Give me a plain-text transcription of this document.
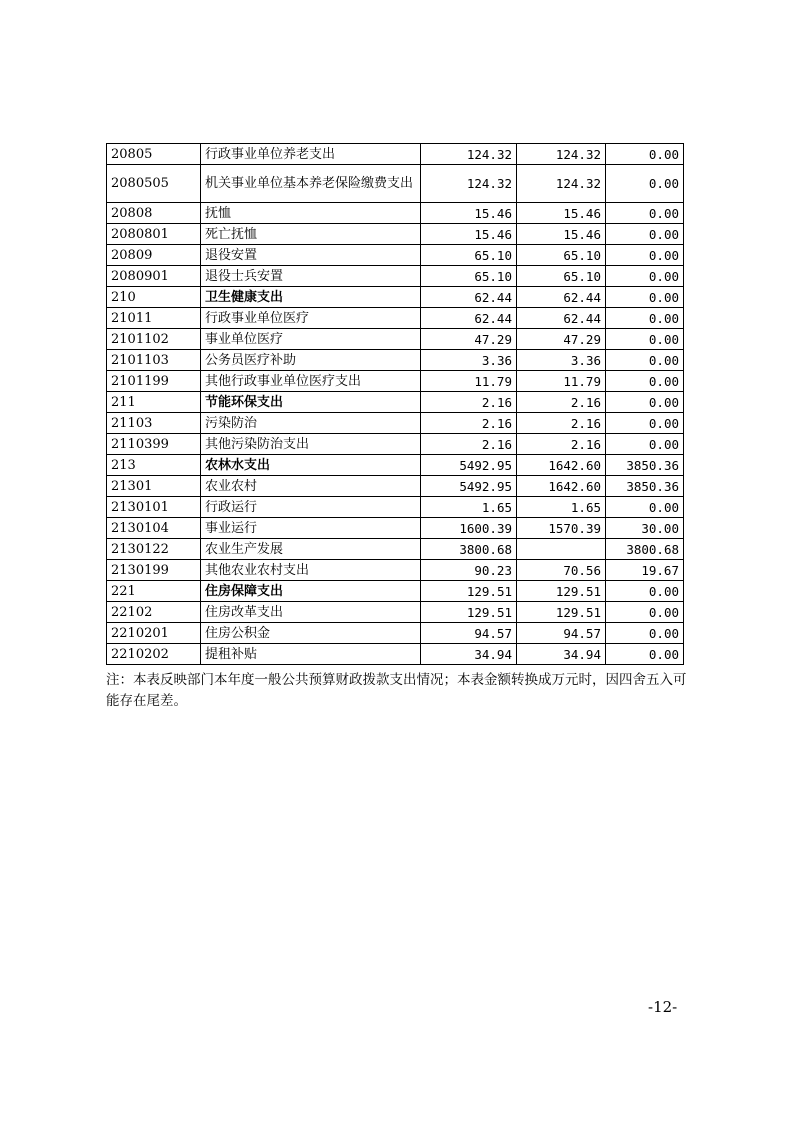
20805	行政事业单位养老支出	124.32	124.32	0.00
2080505	机关事业单位基本养老保险缴费支出	124.32	124.32	0.00
20808	抚恤	15.46	15.46	0.00
2080801	死亡抚恤	15.46	15.46	0.00
20809	退役安置	65.10	65.10	0.00
2080901	退役士兵安置	65.10	65.10	0.00
210	卫生健康支出	62.44	62.44	0.00
21011	行政事业单位医疗	62.44	62.44	0.00
2101102	事业单位医疗	47.29	47.29	0.00
2101103	公务员医疗补助	3.36	3.36	0.00
2101199	其他行政事业单位医疗支出	11.79	11.79	0.00
211	节能环保支出	2.16	2.16	0.00
21103	污染防治	2.16	2.16	0.00
2110399	其他污染防治支出	2.16	2.16	0.00
213	农林水支出	5492.95	1642.60	3850.36
21301	农业农村	5492.95	1642.60	3850.36
2130101	行政运行	1.65	1.65	0.00
2130104	事业运行	1600.39	1570.39	30.00
2130122	农业生产发展	3800.68		3800.68
2130199	其他农业农村支出	90.23	70.56	19.67
221	住房保障支出	129.51	129.51	0.00
22102	住房改革支出	129.51	129.51	0.00
2210201	住房公积金	94.57	94.57	0.00
2210202	提租补贴	34.94	34.94	0.00
注：本表反映部门本年度一般公共预算财政拨款支出情况；本表金额转换成万元时，因四舍五入可能存在尾差。
-12-
